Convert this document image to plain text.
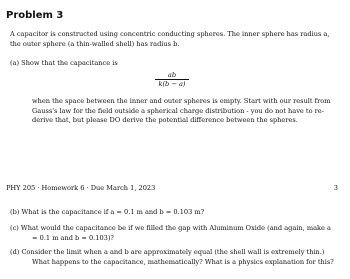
Problem 3
A capacitor is constructed using concentric conducting spheres. The inner sphere has radius a, the outer sphere (a thin-walled shell) has radius b.
(a) Show that the capacitance is
ab
k(b − a)
when the space between the inner and outer spheres is empty. Start with our result from Gauss's law for the field outside a spherical charge distribution - you do not have to re-derive that, but please DO derive the potential difference between the spheres.
PHY 205 · Homework 6 · Due March 1, 2023	3
(b) What is the capacitance if a = 0.1 m and b = 0.103 m?
(c) What would the capacitance be if we filled the gap with Aluminum Oxide (and again, make a = 0.1 m and b = 0.103)?
(d) Consider the limit when a and b are approximately equal (the shell wall is extremely thin.) What happens to the capacitance, mathematically? What is a physics explanation for this?
